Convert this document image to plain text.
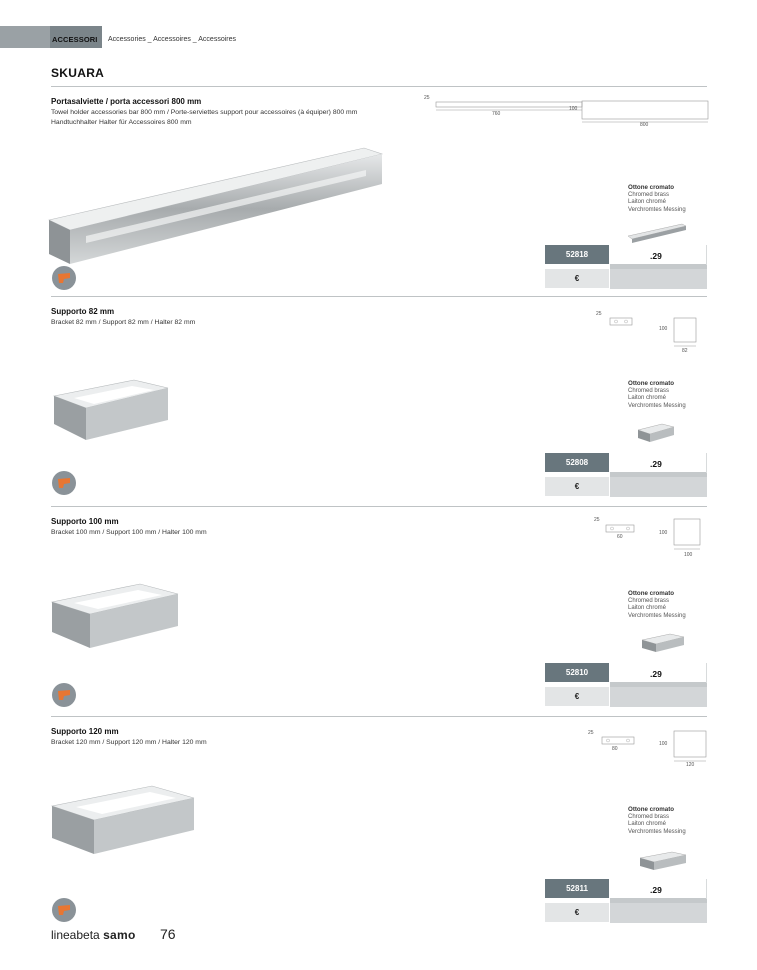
ACCESSORI Accessories _ Accessoires _ Accessoires
SKUARA
Portasalviette / porta accessori 800 mm
Towel holder accessories bar 800 mm / Porte-serviettes support pour accessoires (à équiper) 800 mm
Handtuchhalter Halter für Accessoires 800 mm
25
760
100
800
Ottone cromato
Chromed brass
Laiton chromé
Verchromtes Messing
52818
€
.29
Supporto 82 mm
Bracket 82 mm / Support 82 mm / Halter 82 mm
25
100
82
Ottone cromato
Chromed brass
Laiton chromé
Verchromtes Messing
52808
€
.29
Supporto 100 mm
Bracket 100 mm / Support 100 mm / Halter 100 mm
25
60
100
100
Ottone cromato
Chromed brass
Laiton chromé
Verchromtes Messing
52810
€
.29
Supporto 120 mm
Bracket 120 mm / Support 120 mm / Halter 120 mm
25
80
100
120
Ottone cromato
Chromed brass
Laiton chromé
Verchromtes Messing
52811
€
.29
lineabeta samo 76
